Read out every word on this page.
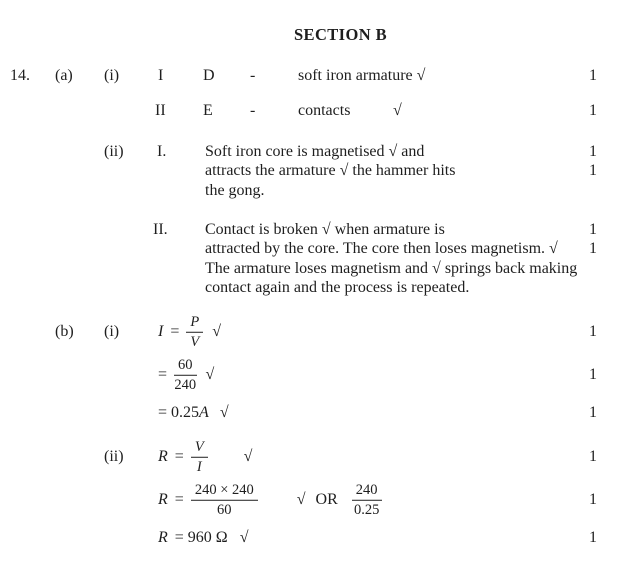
SECTION B
14. (a) (i) I D -	soft iron armature √	1
II E -	contacts	√	1
(ii) I. Soft iron core is magnetised √ and	1
attracts the armature √ the hammer hits	1
the gong.
II. Contact is broken √ when armature is	1
attracted by the core. The core then loses magnetism. √ 1
The armature loses magnetism and √ springs back making
contact again and the process is repeated.
(b) (i) $I = \frac{P}{V}$ √	1
= $\frac{60}{240}$ √	1
= 0.25 A √	1
(ii) $R = \frac{V}{I}$ √	1
$R = \frac{240 \times 240}{60}$ √ OR $\frac{240}{0.25}$	1
R = 960 Ω √	1
